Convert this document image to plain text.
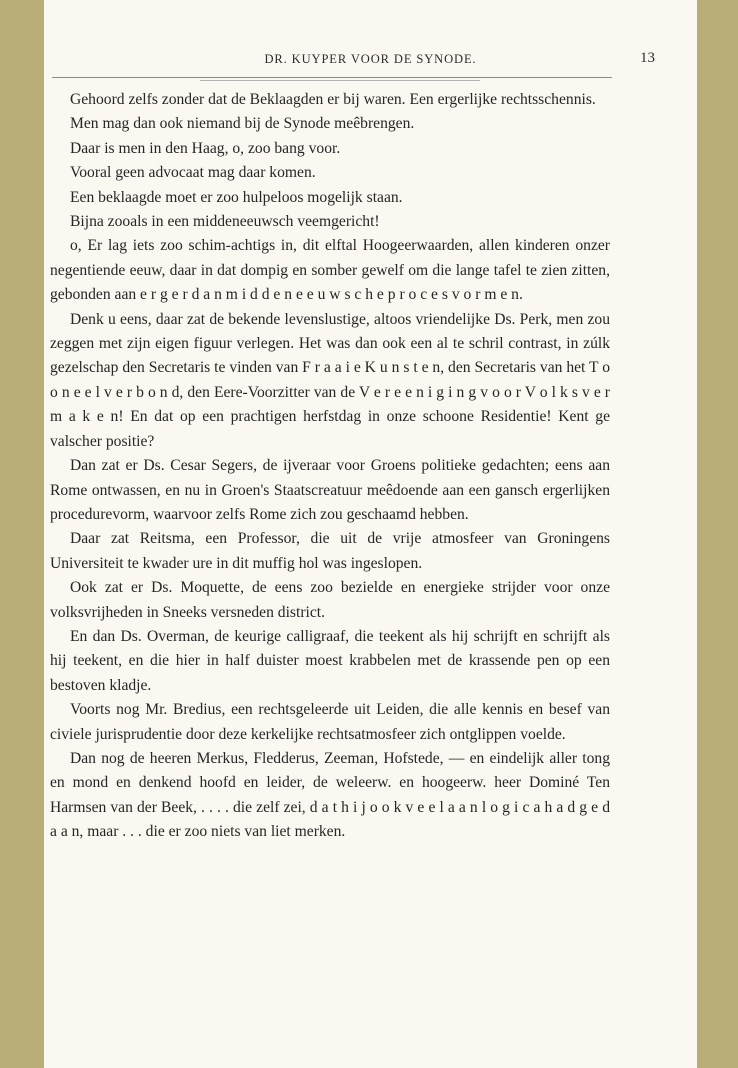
DR. KUYPER VOOR DE SYNODE.	13

Gehoord zelfs zonder dat de Beklaagden er bij waren. Een ergerlijke rechtsschennis.

Men mag dan ook niemand bij de Synode meêbrengen.

Daar is men in den Haag, o, zoo bang voor.

Vooral geen advocaat mag daar komen.

Een beklaagde moet er zoo hulpeloos mogelijk staan.

Bijna zooals in een middeneeuwsch veemgericht!

o, Er lag iets zoo schim-achtigs in, dit elftal Hoogeerwaarden, allen kinderen onzer negentiende eeuw, daar in dat dompig en somber gewelf om die lange tafel te zien zitten, gebonden aan e r g e r d a n m i d d e n e e u w s c h e p r o c e s v o r m e n.

Denk u eens, daar zat de bekende levenslustige, altoos vriendelijke Ds. Perk, men zou zeggen met zijn eigen figuur verlegen. Het was dan ook een al te schril contrast, in zúlk gezelschap den Secretaris te vinden van F r a a i e K u n s t e n, den Secretaris van het T o o n e e l v e r b o n d, den Eere-Voorzitter van de V e r e e n i g i n g v o o r V o l k s v e r m a k e n! En dat op een prachtigen herfstdag in onze schoone Residentie! Kent ge valscher positie?

Dan zat er Ds. Cesar Segers, de ijveraar voor Groens politieke gedachten; eens aan Rome ontwassen, en nu in Groen's Staatscreatuur meêdoende aan een gansch ergerlijken procedurevorm, waarvoor zelfs Rome zich zou geschaamd hebben.

Daar zat Reitsma, een Professor, die uit de vrije atmosfeer van Groningens Universiteit te kwader ure in dit muffig hol was ingeslopen.

Ook zat er Ds. Moquette, de eens zoo bezielde en energieke strijder voor onze volksvrijheden in Sneeks versneden district.

En dan Ds. Overman, de keurige calligraaf, die teekent als hij schrijft en schrijft als hij teekent, en die hier in half duister moest krabbelen met de krassende pen op een bestoven kladje.

Voorts nog Mr. Bredius, een rechtsgeleerde uit Leiden, die alle kennis en besef van civiele jurisprudentie door deze kerkelijke rechtsatmosfeer zich ontglippen voelde.

Dan nog de heeren Merkus, Fledderus, Zeeman, Hofstede, — en eindelijk aller tong en mond en denkend hoofd en leider, de weleerw. en hoogeerw. heer Dominé Ten Harmsen van der Beek, . . . . die zelf zei, d a t h i j o o k v e e l a a n l o g i c a h a d g e d a a n, maar . . . die er zoo niets van liet merken.
